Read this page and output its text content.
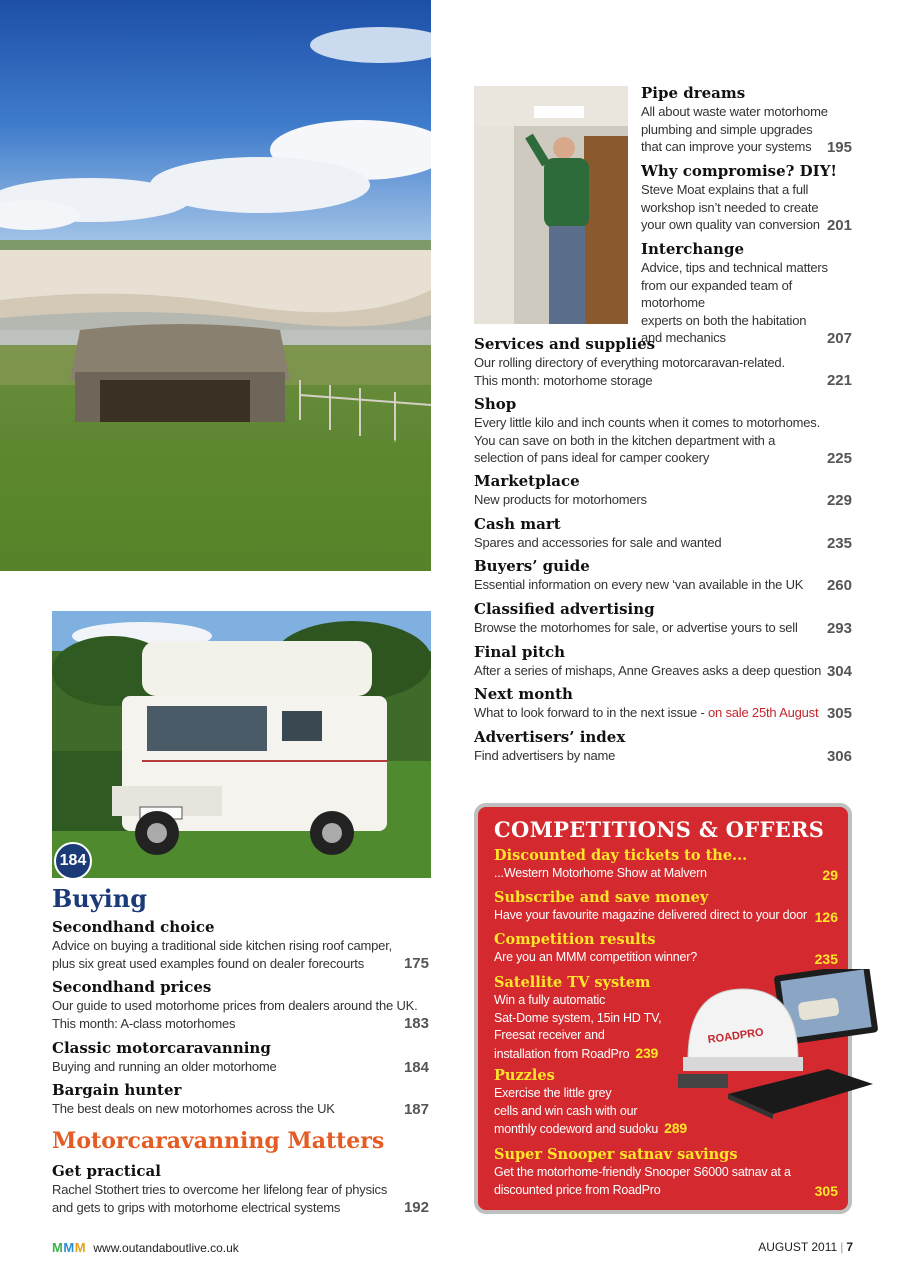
184
Pipe dreams
All about waste water motorhome
plumbing and simple upgrades
that can improve your systems	195
Why compromise? DIY!
Steve Moat explains that a full
workshop isn’t needed to create
your own quality van conversion 201
Interchange
Advice, tips and technical matters
from our expanded team of motorhome
experts on both the habitation
and mechanics	207
Services and supplies
Our rolling directory of everything motorcaravan-related.
This month: motorhome storage	221
Shop
Every little kilo and inch counts when it comes to motorhomes.
You can save on both in the kitchen department with a
selection of pans ideal for camper cookery	225
Marketplace
New products for motorhomers	229
Cash mart
Spares and accessories for sale and wanted	235
Buyers’ guide
Essential information on every new ‘van available in the UK	260
Classified advertising
Browse the motorhomes for sale, or advertise yours to sell	293
Final pitch
After a series of mishaps, Anne Greaves asks a deep question 304
Next month
What to look forward to in the next issue - on sale 25th August 305
Advertisers’ index
Find advertisers by name	306
Buying
Secondhand choice
Advice on buying a traditional side kitchen rising roof camper,
plus six great used examples found on dealer forecourts	175
Secondhand prices
Our guide to used motorhome prices from dealers around the UK.
This month: A-class motorhomes	183
Classic motorcaravanning
Buying and running an older motorhome	184
Bargain hunter
The best deals on new motorhomes across the UK	187
Motorcaravanning Matters
Get practical
Rachel Stothert tries to overcome her lifelong fear of physics
and gets to grips with motorhome electrical systems	192
COMPETITIONS & OFFERS
Discounted day tickets to the...
...Western Motorhome Show at Malvern	29
Subscribe and save money
Have your favourite magazine delivered direct to your door 126
Competition results
Are you an MMM competition winner?	235
Satellite TV system
Win a fully automatic
Sat-Dome system, 15in HD TV,
Freesat receiver and
installation from RoadPro 239
Puzzles
Exercise the little grey
cells and win cash with our
monthly codeword and sudoku 289
Super Snooper satnav savings
Get the motorhome-friendly Snooper S6000 satnav at a
discounted price from RoadPro	305
ROADPRO
MMM www.outandaboutlive.co.uk	AUGUST 2011 | 7
